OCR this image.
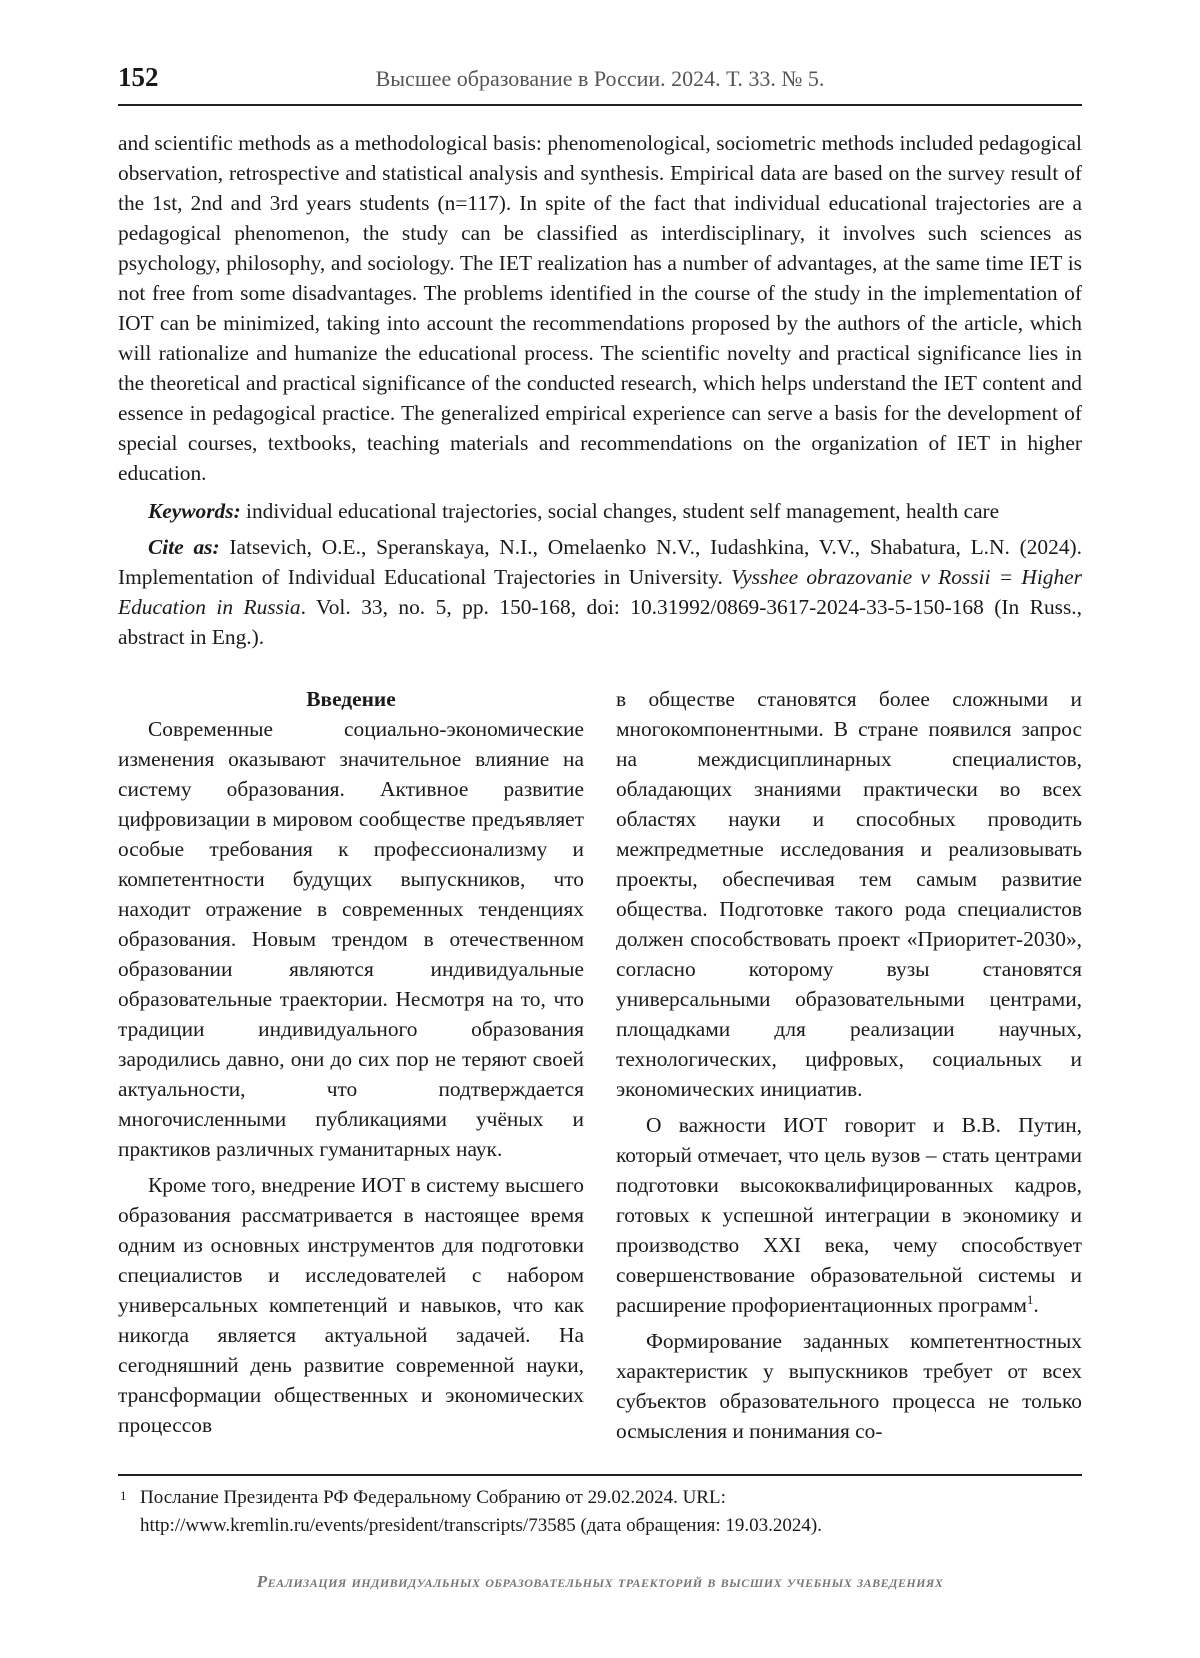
152	Высшее образование в России. 2024. Т. 33. № 5.

and scientific methods as a methodological basis: phenomenological, sociometric methods included pedagogical observation, retrospective and statistical analysis and synthesis. Empirical data are based on the survey result of the 1st, 2nd and 3rd years students (n=117). In spite of the fact that individual educational trajectories are a pedagogical phenomenon, the study can be classified as interdisciplinary, it involves such sciences as psychology, philosophy, and sociology. The IET realization has a number of advantages, at the same time IET is not free from some disadvantages. The problems identified in the course of the study in the implementation of IOT can be minimized, taking into account the recommendations proposed by the authors of the article, which will rationalize and humanize the educational process. The scientific novelty and practical significance lies in the theoretical and practical significance of the conducted research, which helps understand the IET content and essence in pedagogical practice. The generalized empirical experience can serve a basis for the development of special courses, textbooks, teaching materials and recommendations on the organization of IET in higher education.

Keywords: individual educational trajectories, social changes, student self management, health care

Cite as: Iatsevich, O.E., Speranskaya, N.I., Omelaenko N.V., Iudashkina, V.V., Shabatura, L.N. (2024). Implementation of Individual Educational Trajectories in University. Vysshee obrazovanie v Rossii = Higher Education in Russia. Vol. 33, no. 5, pp. 150-168, doi: 10.31992/0869-3617-2024-33-5-150-168 (In Russ., abstract in Eng.).

Введение

Современные социально-экономические изменения оказывают значительное влияние на систему образования. Активное развитие цифровизации в мировом сообществе предъявляет особые требования к профессионализму и компетентности будущих выпускников, что находит отражение в современных тенденциях образования. Новым трендом в отечественном образовании являются индивидуальные образовательные траектории. Несмотря на то, что традиции индивидуального образования зародились давно, они до сих пор не теряют своей актуальности, что подтверждается многочисленными публикациями учёных и практиков различных гуманитарных наук.

Кроме того, внедрение ИОТ в систему высшего образования рассматривается в настоящее время одним из основных инструментов для подготовки специалистов и исследователей с набором универсальных компетенций и навыков, что как никогда является актуальной задачей. На сегодняшний день развитие современной науки, трансформации общественных и экономических процессов

в обществе становятся более сложными и многокомпонентными. В стране появился запрос на междисциплинарных специалистов, обладающих знаниями практически во всех областях науки и способных проводить межпредметные исследования и реализовывать проекты, обеспечивая тем самым развитие общества. Подготовке такого рода специалистов должен способствовать проект «Приоритет-2030», согласно которому вузы становятся универсальными образовательными центрами, площадками для реализации научных, технологических, цифровых, социальных и экономических инициатив.

О важности ИОТ говорит и В.В. Путин, который отмечает, что цель вузов – стать центрами подготовки высококвалифицированных кадров, готовых к успешной интеграции в экономику и производство XXI века, чему способствует совершенствование образовательной системы и расширение профориентационных программ$^1$.

Формирование заданных компетентностных характеристик у выпускников требует от всех субъектов образовательного процесса не только осмысления и понимания со-

1 Послание Президента РФ Федеральному Собранию от 29.02.2024. URL: http://www.kremlin.ru/events/president/transcripts/73585 (дата обращения: 19.03.2024).
Реализация индивидуальных образовательных траекторий в высших учебных заведениях
